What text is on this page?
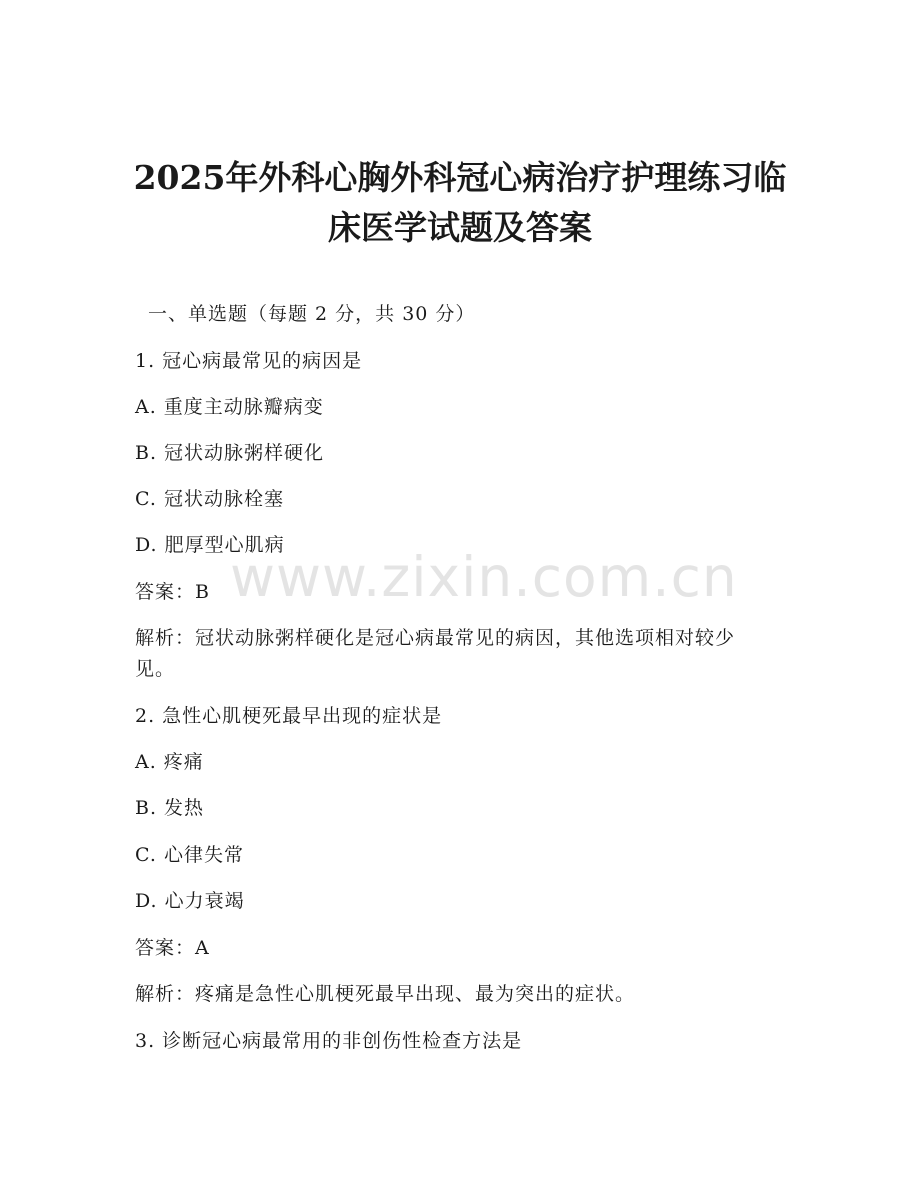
2025年外科心胸外科冠心病治疗护理练习临
床医学试题及答案

一、单选题（每题 2 分，共 30 分）

1. 冠心病最常见的病因是

A. 重度主动脉瓣病变

B. 冠状动脉粥样硬化

C. 冠状动脉栓塞

D. 肥厚型心肌病

答案：B

解析：冠状动脉粥样硬化是冠心病最常见的病因，其他选项相对较少

见。

2. 急性心肌梗死最早出现的症状是

A. 疼痛

B. 发热

C. 心律失常

D. 心力衰竭

答案：A

解析：疼痛是急性心肌梗死最早出现、最为突出的症状。

3. 诊断冠心病最常用的非创伤性检查方法是

www.zixin.com.cn
